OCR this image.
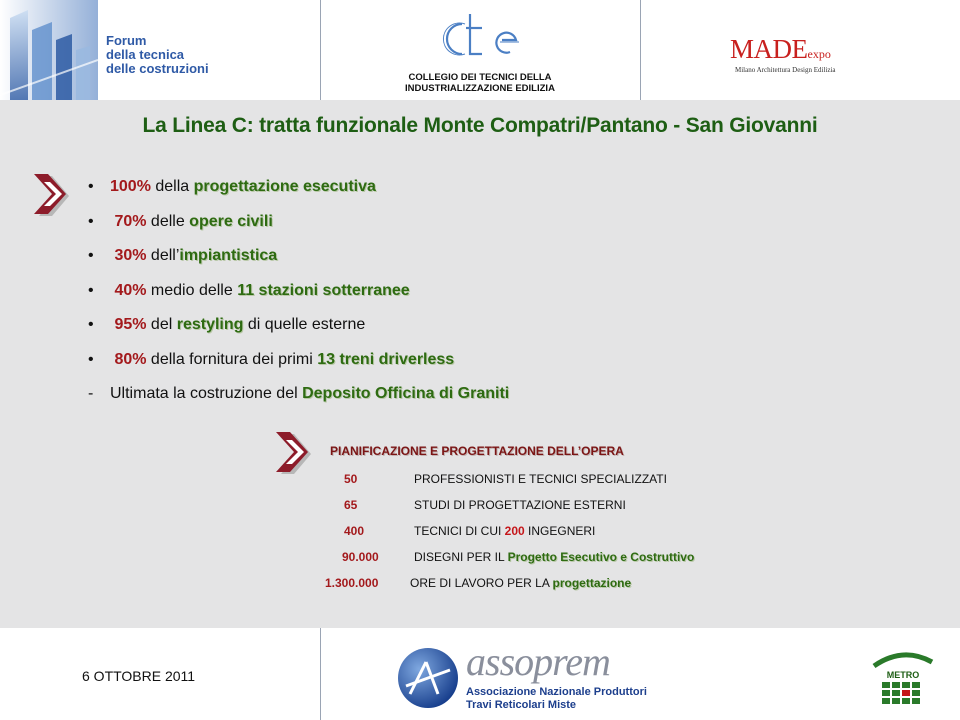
Forum
della tecnica
delle costruzioni
COLLEGIO DEI TECNICI DELLA
INDUSTRIALIZZAZIONE EDILIZIA
MADEexpo
Milano Architettura Design Edilizia
La Linea C: tratta funzionale Monte Compatri/Pantano - San Giovanni
• 100% della progettazione esecutiva
• 70% delle opere civili
• 30% dell’impiantistica
• 40% medio delle 11 stazioni sotterranee
• 95% del restyling di quelle esterne
• 80% della fornitura dei primi 13 treni driverless
- Ultimata la costruzione del Deposito Officina di Graniti
PIANIFICAZIONE E PROGETTAZIONE DELL’OPERA
50	PROFESSIONISTI E TECNICI SPECIALIZZATI
65	STUDI DI PROGETTAZIONE ESTERNI
400	TECNICI DI CUI 200 INGEGNERI
90.000	DISEGNI PER IL Progetto Esecutivo e Costruttivo
1.300.000	ORE DI LAVORO PER LA progettazione
6 OTTOBRE 2011	assoprem
Associazione Nazionale Produttori
Travi Reticolari Miste
METRO
